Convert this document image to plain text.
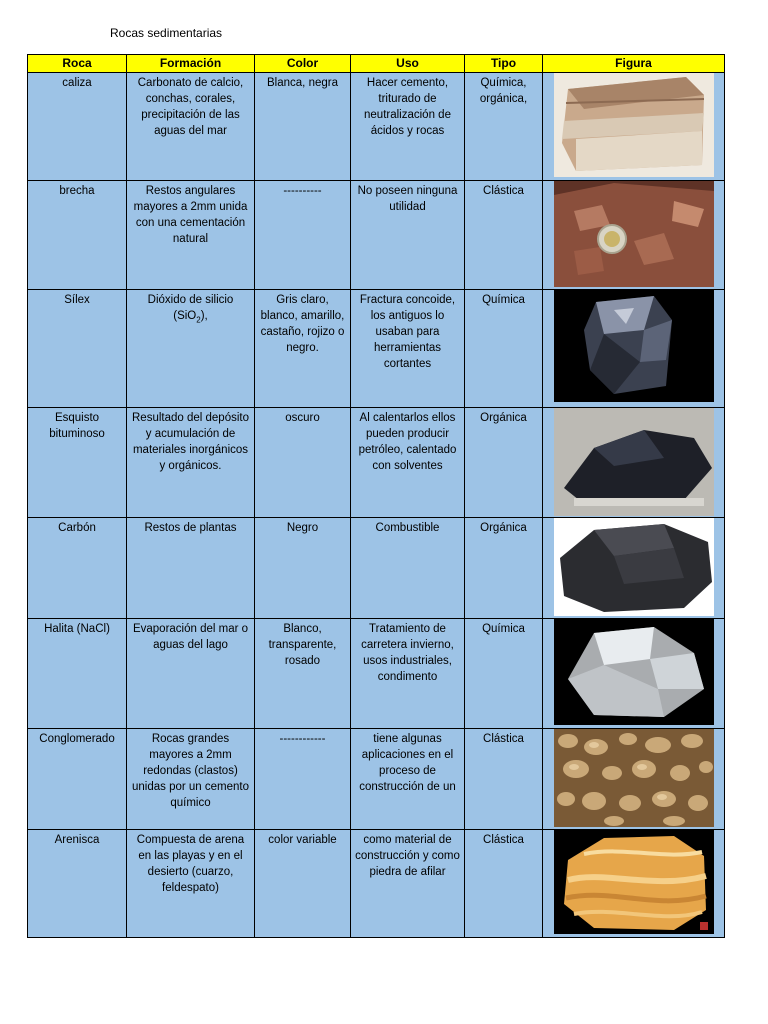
Rocas sedimentarias
Roca	Formación	Color	Uso	Tipo	Figura
caliza	Carbonato de calcio, conchas, corales, precipitación de las aguas del mar	Blanca, negra	Hacer cemento, triturado de neutralización de ácidos y rocas	Química, orgánica,	

brecha	Restos angulares mayores a 2mm unida con una cementación natural	----------	No poseen ninguna utilidad	Clástica	

Sílex	Dióxido de silicio (SiO$_2$),	Gris claro, blanco, amarillo, castaño, rojizo o negro.	Fractura concoide, los antiguos lo usaban para herramientas cortantes	Química	

Esquisto bituminoso	Resultado del depósito y acumulación de materiales inorgánicos y orgánicos.	oscuro	Al calentarlos ellos pueden producir petróleo, calentado con solventes	Orgánica	

Carbón	Restos de plantas	Negro	Combustible	Orgánica	

Halita (NaCl)	Evaporación del mar o aguas del lago	Blanco, transparente, rosado	Tratamiento de carretera invierno, usos industriales, condimento	Química	

Conglomerado	Rocas grandes mayores a 2mm redondas (clastos) unidas por un cemento químico	------------	tiene algunas aplicaciones en el proceso de construcción de un	Clástica	

Arenisca	Compuesta de arena en las playas y en el desierto (cuarzo, feldespato)	color variable	como material de construcción y como piedra de afilar	Clástica	
